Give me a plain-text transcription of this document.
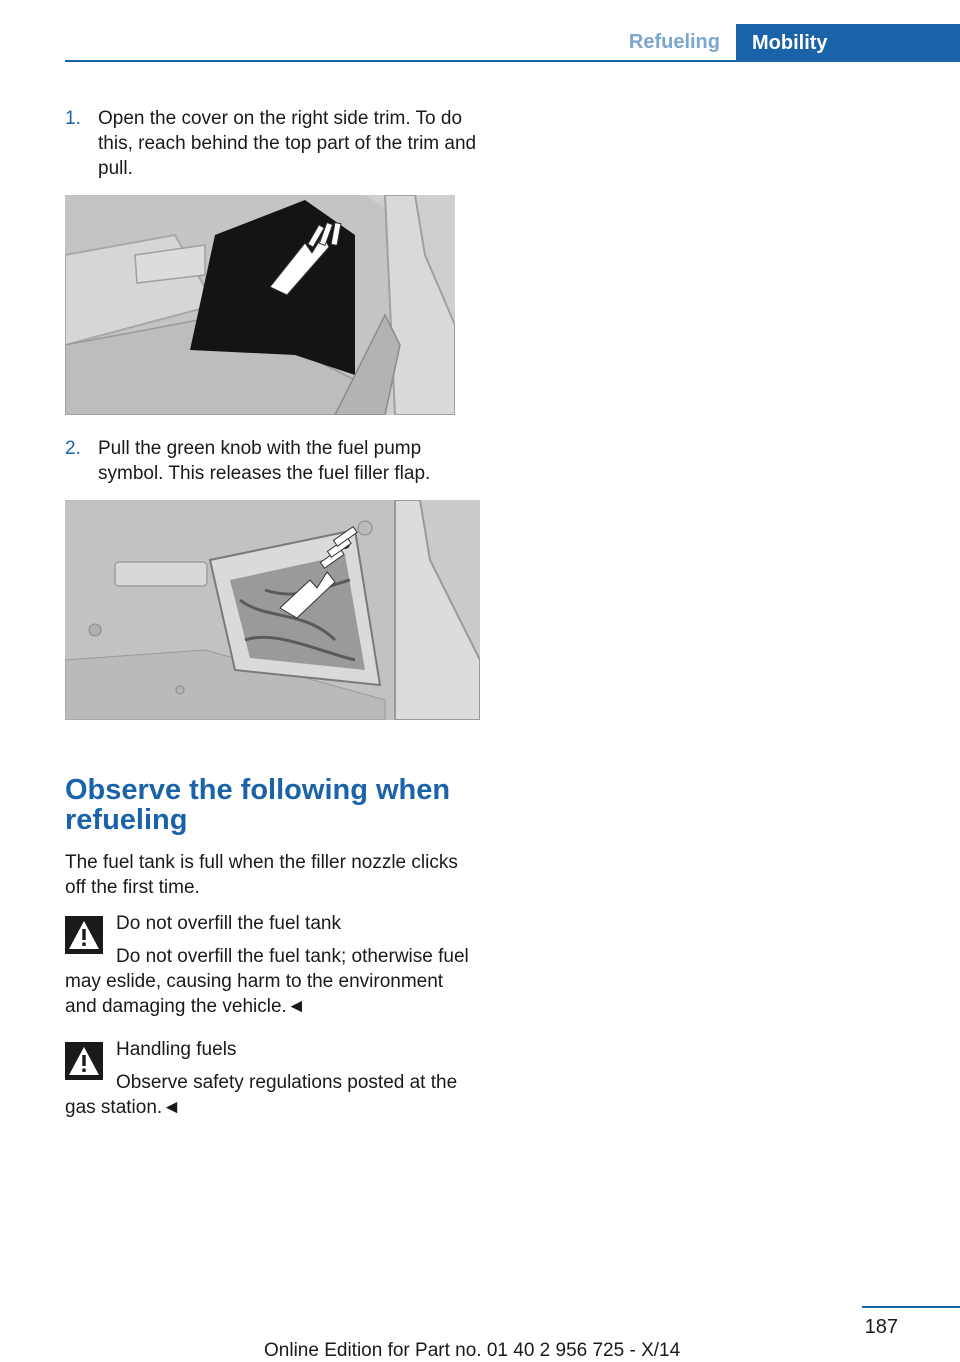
Refueling	Mobility
1. Open the cover on the right side trim. To do this, reach behind the top part of the trim and pull.
2. Pull the green knob with the fuel pump symbol. This releases the fuel filler flap.
Observe the following when refueling

The fuel tank is full when the filler nozzle clicks off the first time.

Do not overfill the fuel tank

Do not overfill the fuel tank; otherwise fuel may eslide, causing harm to the environment and damaging the vehicle.◄

Handling fuels

Observe safety regulations posted at the gas station.◄

187
Online Edition for Part no. 01 40 2 956 725 - X/14
